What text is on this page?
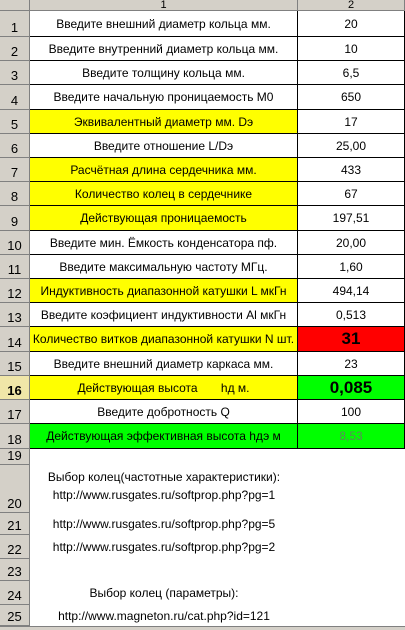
1	2
1
2
3
4
5
6
7
8
9
10
11
12
13
14
15
16
17
18
19
20
21
22
23
24
25
Введите внешний диаметр кольца мм.
Введите внутренний диаметр кольца мм.
Введите толщину кольца мм.
Введите начальную проницаемость М0
Эквивалентный диаметр мм. Dэ
Введите отношение L/Dэ
Расчётная длина сердечника мм.
Количество колец в сердечнике
Действующая проницаемость
Введите мин. Ёмкость конденсатора пф.
Введите максимальную частоту МГц.
Индуктивность диапазонной катушки L мкГн
Введите коэфициент индуктивности Al мкГн
Количество витков диапазонной катушки N шт.
Введите внешний диаметр каркаса мм.
Действующая высота       hд м.
Введите добротность Q
Действующая эффективная высота hдэ м
20
10
6,5
650
17
25,00
433
67
197,51
20,00
1,60
494,14
0,513
31
23
0,085
100
8,53
Выбор колец(частотные характеристики):
http://www.rusgates.ru/softprop.php?pg=1
http://www.rusgates.ru/softprop.php?pg=5
http://www.rusgates.ru/softprop.php?pg=2
Выбор колец (параметры):
http://www.magneton.ru/cat.php?id=121
